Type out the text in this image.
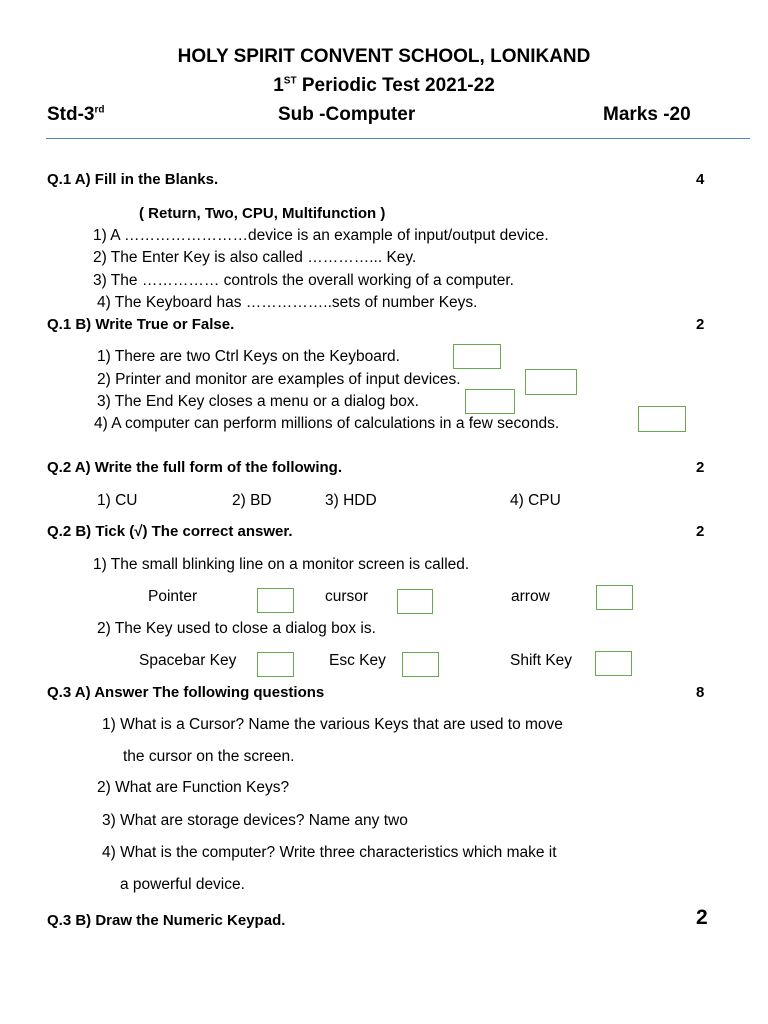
HOLY SPIRIT CONVENT SCHOOL, LONIKAND
1ST Periodic Test 2021-22
Std-3rd	Sub -Computer	Marks -20
Q.1 A) Fill in the Blanks.	4
( Return, Two, CPU, Multifunction )
1) A ……………………device is an example of input/output device.
2) The Enter Key is also called …………... Key.
3) The …………… controls the overall working of a computer.
4) The Keyboard has ……………..sets of number Keys.
Q.1 B) Write True or False.	2
1) There are two Ctrl Keys on the Keyboard.
2) Printer and monitor are examples of input devices.
3) The End Key closes a menu or a dialog box.
4) A computer can perform millions of calculations in a few seconds.
Q.2 A) Write the full form of the following.	2
1) CU	2) BD	3) HDD	4) CPU
Q.2 B) Tick (√) The correct answer.	2
1) The small blinking line on a monitor screen is called.
Pointer	cursor	arrow
2) The Key used to close a dialog box is.
Spacebar Key	Esc Key	Shift Key
Q.3 A) Answer The following questions	8
1) What is a Cursor? Name the various Keys that are used to move
the cursor on the screen.
2) What are Function Keys?
3) What are storage devices? Name any two
4) What is the computer? Write three characteristics which make it
a powerful device.
Q.3 B) Draw the Numeric Keypad.	2
